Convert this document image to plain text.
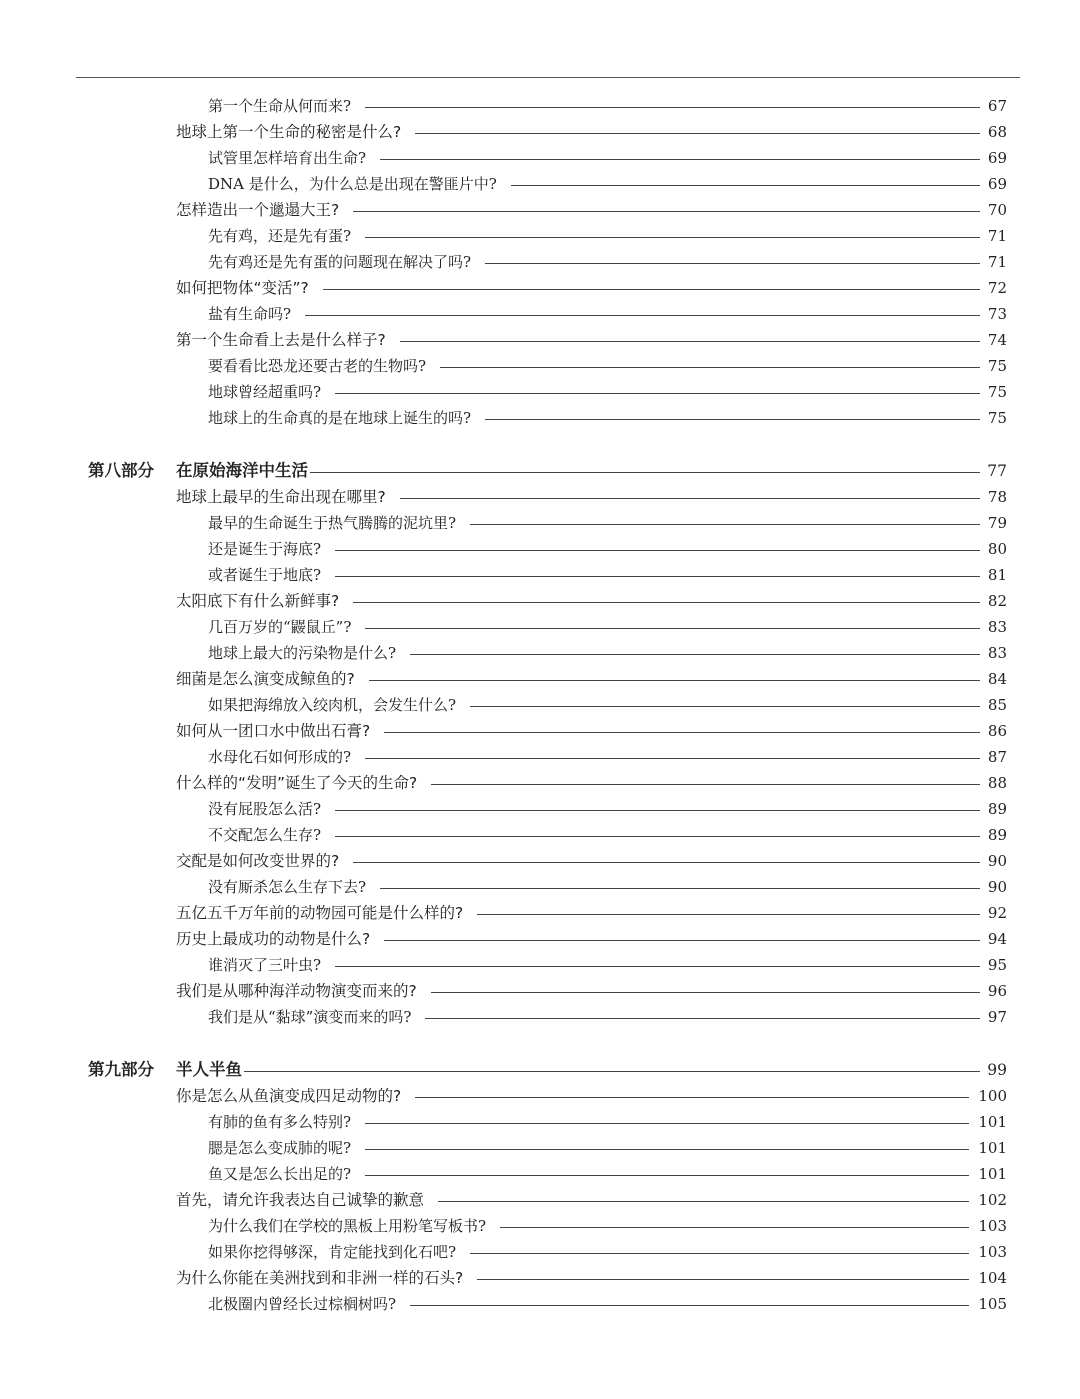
第一个生命从何而来?	67
地球上第一个生命的秘密是什么?	68
试管里怎样培育出生命?	69
DNA 是什么，为什么总是出现在警匪片中?	69
怎样造出一个邋遢大王?	70
先有鸡，还是先有蛋?	71
先有鸡还是先有蛋的问题现在解决了吗?	71
如何把物体“变活”?	72
盐有生命吗?	73
第一个生命看上去是什么样子?	74
要看看比恐龙还要古老的生物吗?	75
地球曾经超重吗?	75
地球上的生命真的是在地球上诞生的吗?	75
第八部分 在原始海洋中生活	77
地球上最早的生命出现在哪里?	78
最早的生命诞生于热气腾腾的泥坑里?	79
还是诞生于海底?	80
或者诞生于地底?	81
太阳底下有什么新鲜事?	82
几百万岁的“鼹鼠丘”?	83
地球上最大的污染物是什么?	83
细菌是怎么演变成鲸鱼的?	84
如果把海绵放入绞肉机，会发生什么?	85
如何从一团口水中做出石膏?	86
水母化石如何形成的?	87
什么样的“发明”诞生了今天的生命?	88
没有屁股怎么活?	89
不交配怎么生存?	89
交配是如何改变世界的?	90
没有厮杀怎么生存下去?	90
五亿五千万年前的动物园可能是什么样的?	92
历史上最成功的动物是什么?	94
谁消灭了三叶虫?	95
我们是从哪种海洋动物演变而来的?	96
我们是从“黏球”演变而来的吗?	97
第九部分 半人半鱼	99
你是怎么从鱼演变成四足动物的?	100
有肺的鱼有多么特别?	101
腮是怎么变成肺的呢?	101
鱼又是怎么长出足的?	101
首先，请允许我表达自己诚挚的歉意	102
为什么我们在学校的黑板上用粉笔写板书?	103
如果你挖得够深，肯定能找到化石吧?	103
为什么你能在美洲找到和非洲一样的石头?	104
北极圈内曾经长过棕榈树吗?	105
